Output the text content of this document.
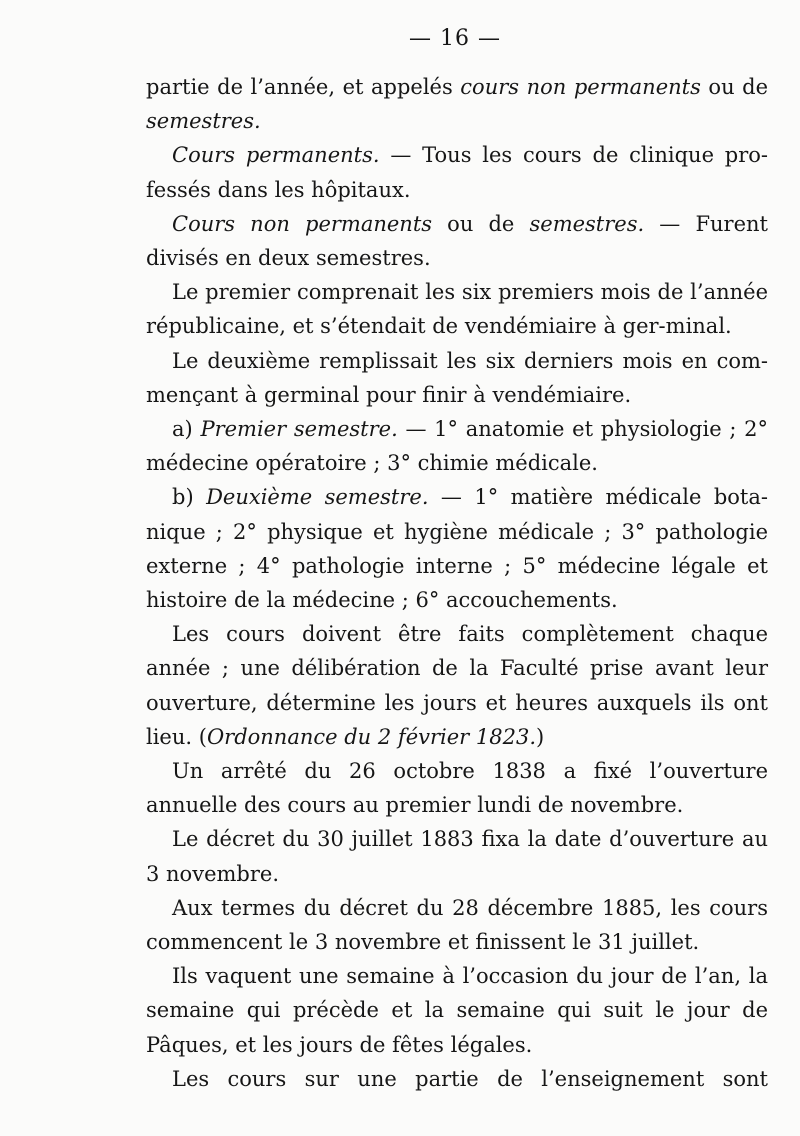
— 16 —

partie de l’année, et appelés cours non permanents ou de semestres.

Cours permanents. — Tous les cours de clinique pro-fessés dans les hôpitaux.

Cours non permanents ou de semestres. — Furent divisés en deux semestres.

Le premier comprenait les six premiers mois de l’année républicaine, et s’étendait de vendémiaire à ger-minal.

Le deuxième remplissait les six derniers mois en com-mençant à germinal pour finir à vendémiaire.

a) Premier semestre. — 1° anatomie et physiologie ; 2° médecine opératoire ; 3° chimie médicale.

b) Deuxième semestre. — 1° matière médicale bota-nique ; 2° physique et hygiène médicale ; 3° pathologie externe ; 4° pathologie interne ; 5° médecine légale et histoire de la médecine ; 6° accouchements.

Les cours doivent être faits complètement chaque année ; une délibération de la Faculté prise avant leur ouverture, détermine les jours et heures auxquels ils ont lieu. (Ordonnance du 2 février 1823.)

Un arrêté du 26 octobre 1838 a fixé l’ouverture annuelle des cours au premier lundi de novembre.

Le décret du 30 juillet 1883 fixa la date d’ouverture au 3 novembre.

Aux termes du décret du 28 décembre 1885, les cours commencent le 3 novembre et finissent le 31 juillet.

Ils vaquent une semaine à l’occasion du jour de l’an, la semaine qui précède et la semaine qui suit le jour de Pâques, et les jours de fêtes légales.

Les cours sur une partie de l’enseignement sont
